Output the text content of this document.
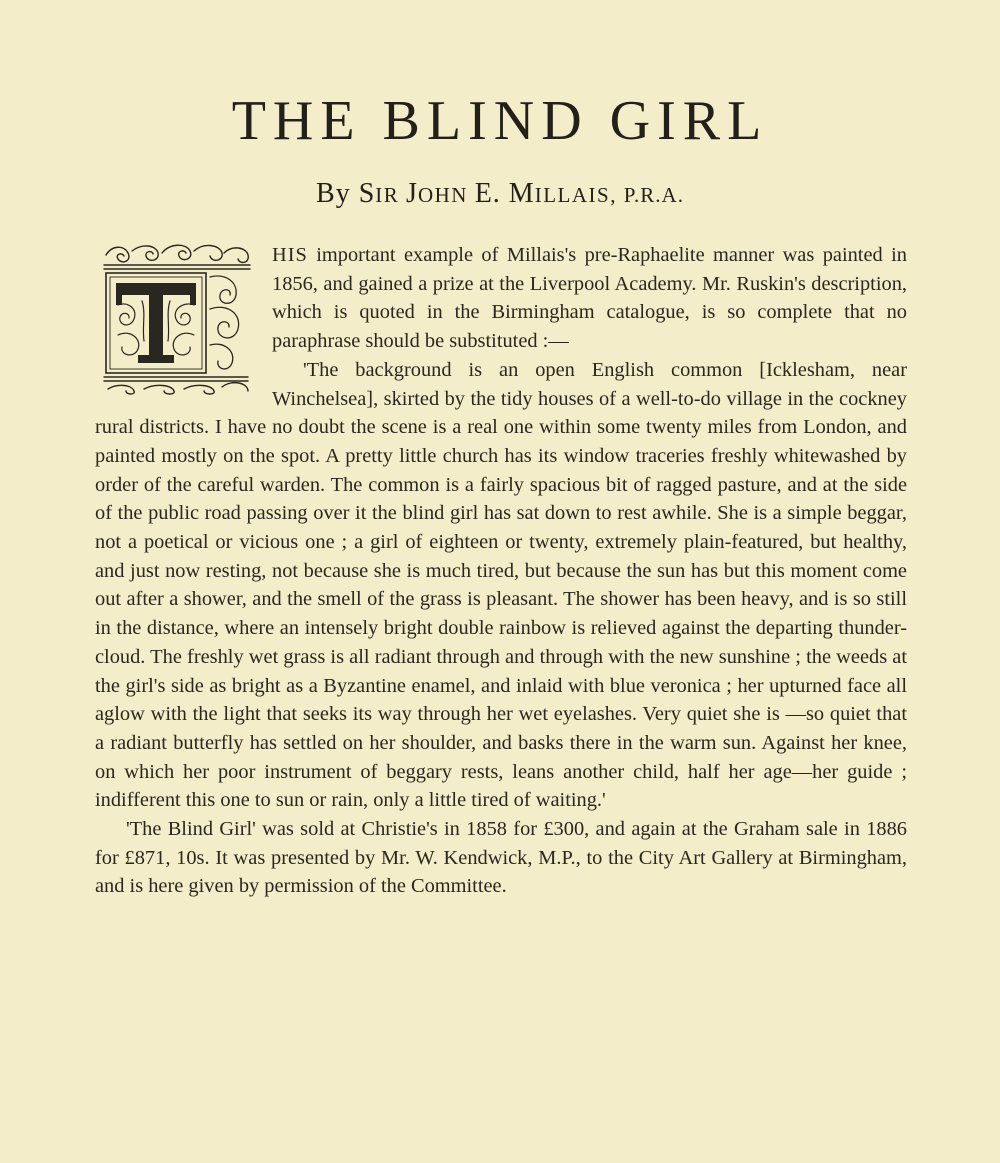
THE BLIND GIRL
By SIR JOHN E. MILLAIS, P.R.A.

HIS important example of Millais's pre-Raphaelite manner was painted in 1856, and gained a prize at the Liverpool Academy. Mr. Ruskin's description, which is quoted in the Birmingham catalogue, is so complete that no paraphrase should be substituted :—

'The background is an open English common [Icklesham, near Winchelsea], skirted by the tidy houses of a well-to-do village in the cockney rural districts. I have no doubt the scene is a real one within some twenty miles from London, and painted mostly on the spot. A pretty little church has its window traceries freshly whitewashed by order of the careful warden. The common is a fairly spacious bit of ragged pasture, and at the side of the public road passing over it the blind girl has sat down to rest awhile. She is a simple beggar, not a poetical or vicious one ; a girl of eighteen or twenty, extremely plain-featured, but healthy, and just now resting, not because she is much tired, but because the sun has but this moment come out after a shower, and the smell of the grass is pleasant. The shower has been heavy, and is so still in the distance, where an intensely bright double rainbow is relieved against the departing thunder-cloud. The freshly wet grass is all radiant through and through with the new sunshine ; the weeds at the girl's side as bright as a Byzantine enamel, and inlaid with blue veronica ; her upturned face all aglow with the light that seeks its way through her wet eyelashes. Very quiet she is —so quiet that a radiant butterfly has settled on her shoulder, and basks there in the warm sun. Against her knee, on which her poor instrument of beggary rests, leans another child, half her age—her guide ; indifferent this one to sun or rain, only a little tired of waiting.'

'The Blind Girl' was sold at Christie's in 1858 for £300, and again at the Graham sale in 1886 for £871, 10s. It was presented by Mr. W. Kendwick, M.P., to the City Art Gallery at Birmingham, and is here given by permission of the Committee.
